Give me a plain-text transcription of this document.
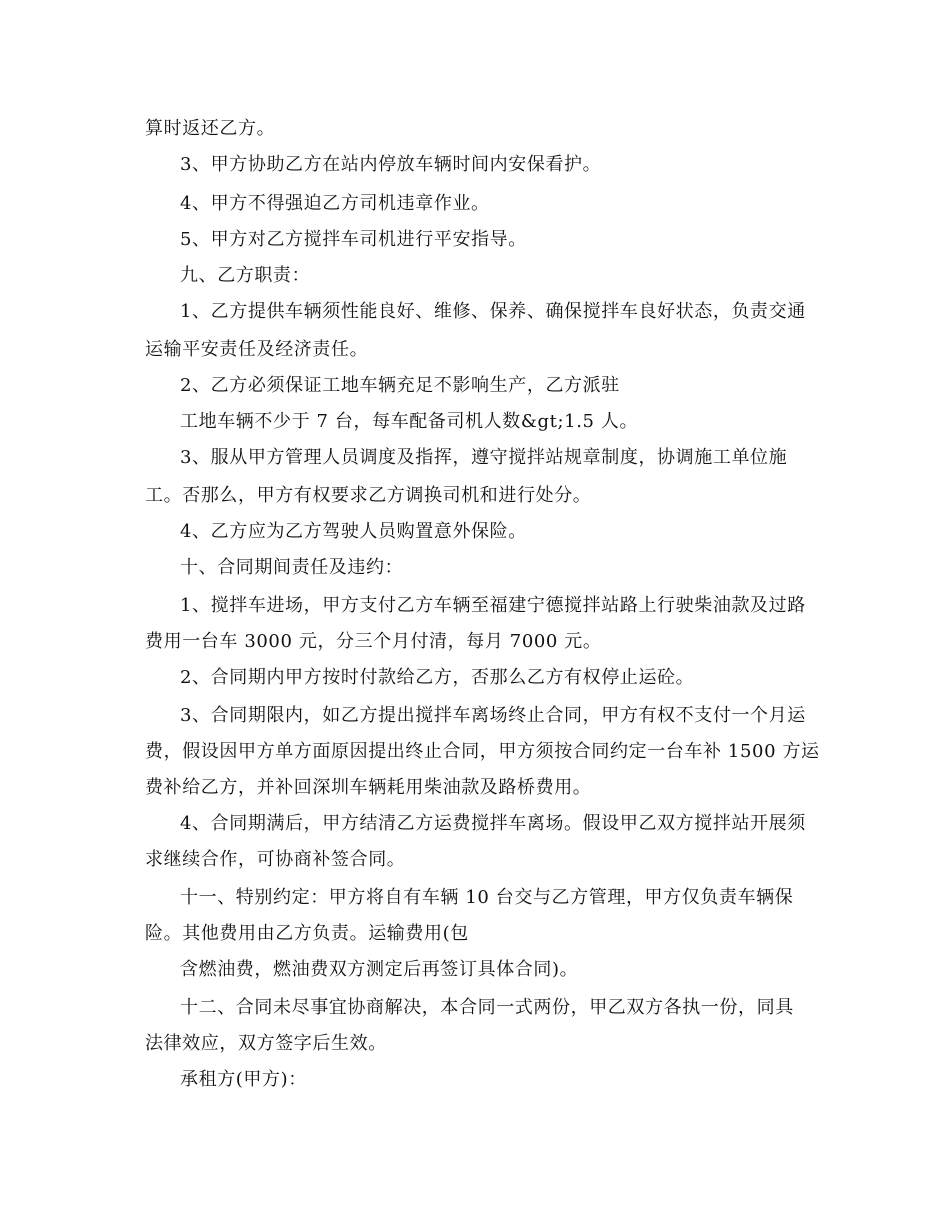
算时返还乙方。
3、甲方协助乙方在站内停放车辆时间内安保看护。
4、甲方不得强迫乙方司机违章作业。
5、甲方对乙方搅拌车司机进行平安指导。
九、乙方职责：
1、乙方提供车辆须性能良好、维修、保养、确保搅拌车良好状态，负责交通
运输平安责任及经济责任。
2、乙方必须保证工地车辆充足不影响生产，乙方派驻
工地车辆不少于 7 台，每车配备司机人数&gt;1.5 人。
3、服从甲方管理人员调度及指挥，遵守搅拌站规章制度，协调施工单位施
工。否那么，甲方有权要求乙方调换司机和进行处分。
4、乙方应为乙方驾驶人员购置意外保险。
十、合同期间责任及违约：
1、搅拌车进场，甲方支付乙方车辆至福建宁德搅拌站路上行驶柴油款及过路
费用一台车 3000 元，分三个月付清，每月 7000 元。
2、合同期内甲方按时付款给乙方，否那么乙方有权停止运砼。
3、合同期限内，如乙方提出搅拌车离场终止合同，甲方有权不支付一个月运
费，假设因甲方单方面原因提出终止合同，甲方须按合同约定一台车补 1500 方运
费补给乙方，并补回深圳车辆耗用柴油款及路桥费用。
4、合同期满后，甲方结清乙方运费搅拌车离场。假设甲乙双方搅拌站开展须
求继续合作，可协商补签合同。
十一、特别约定：甲方将自有车辆 10 台交与乙方管理，甲方仅负责车辆保
险。其他费用由乙方负责。运输费用(包
含燃油费，燃油费双方测定后再签订具体合同)。
十二、合同未尽事宜协商解决，本合同一式两份，甲乙双方各执一份，同具
法律效应，双方签字后生效。
承租方(甲方)：
